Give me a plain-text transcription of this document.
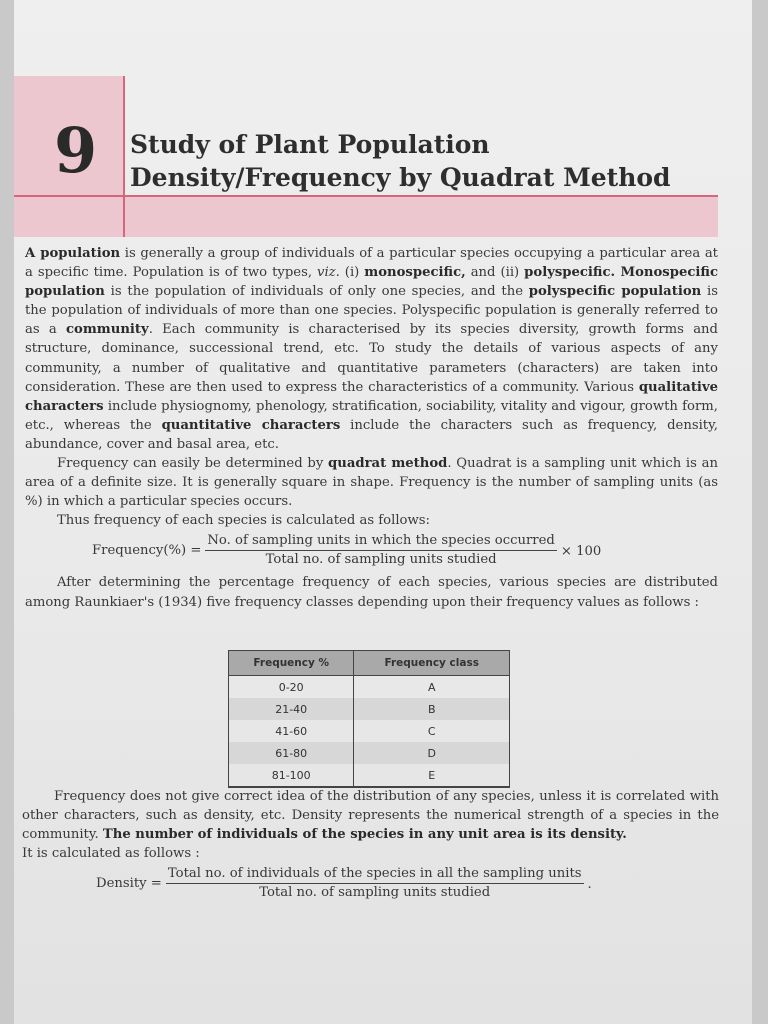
9 Study of Plant Population
Density/Frequency by Quadrat Method

A population is generally a group of individuals of a particular species occupying a particular area at a specific time. Population is of two types, viz. (i) monospecific, and (ii) polyspecific. Monospecific population is the population of individuals of only one species, and the polyspecific population is the population of individuals of more than one species. Polyspecific population is generally referred to as a community. Each community is characterised by its species diversity, growth forms and structure, dominance, successional trend, etc. To study the details of various aspects of any community, a number of qualitative and quantitative parameters (characters) are taken into consideration. These are then used to express the characteristics of a community. Various qualitative characters include physiognomy, phenology, stratification, sociability, vitality and vigour, growth form, etc., whereas the quantitative characters include the characters such as frequency, density, abundance, cover and basal area, etc.

Frequency can easily be determined by quadrat method. Quadrat is a sampling unit which is an area of a definite size. It is generally square in shape. Frequency is the number of sampling units (as %) in which a particular species occurs.

Thus frequency of each species is calculated as follows:

Frequency(%) = $\frac{\text{No. of sampling units in which the species occurred}}{\text{Total no. of sampling units studied}} \times 100$

After determining the percentage frequency of each species, various species are distributed among Raunkiaer's (1934) five frequency classes depending upon their frequency values as follows :

Frequency %	Frequency class
0-20	A
21-40	B
41-60	C
61-80	D
81-100	E

Frequency does not give correct idea of the distribution of any species, unless it is correlated with other characters, such as density, etc. Density represents the numerical strength of a species in the community. The number of individuals of the species in any unit area is its density.

It is calculated as follows :

Density =
Total no. of individuals of the species in all the sampling units
Total no. of sampling units studied
.
